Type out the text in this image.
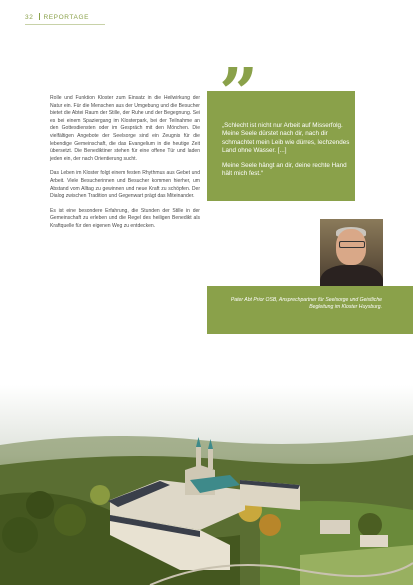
32 REPORTAGE

Rolle und Funktion Kloster zum Einsatz in die Heilwirkung der Natur ein. Für die Menschen aus der Umgebung und die Besucher bietet die Abtei Raum der Stille, der Ruhe und der Begegnung. Sei es bei einem Spaziergang im Klosterpark, bei der Teilnahme an den Gottesdiensten oder im Gespräch mit den Mönchen. Die vielfältigen Angebote der Seelsorge sind ein Zeugnis für die lebendige Gemeinschaft, die das Evangelium in die heutige Zeit übersetzt. Die Benediktiner stehen für eine offene Tür und laden jeden ein, der nach Orientierung sucht.

Das Leben im Kloster folgt einem festen Rhythmus aus Gebet und Arbeit. Viele Besucherinnen und Besucher kommen hierher, um Abstand vom Alltag zu gewinnen und neue Kraft zu schöpfen. Der Dialog zwischen Tradition und Gegenwart prägt das Miteinander.

Es ist eine besondere Erfahrung, die Stunden der Stille in der Gemeinschaft zu erleben und die Regel des heiligen Benedikt als Kraftquelle für den eigenen Weg zu entdecken.

„Schlecht ist nicht nur Arbeit auf Misserfolg. Meine Seele dürstet nach dir, nach dir schmachtet mein Leib wie dürres, lechzendes Land ohne Wasser. [...]

Meine Seele hängt an dir, deine rechte Hand hält mich fest.“

Pater Abt Prior OSB, Ansprechpartner für Seelsorge und Geistliche Begleitung im Kloster Huysburg.
